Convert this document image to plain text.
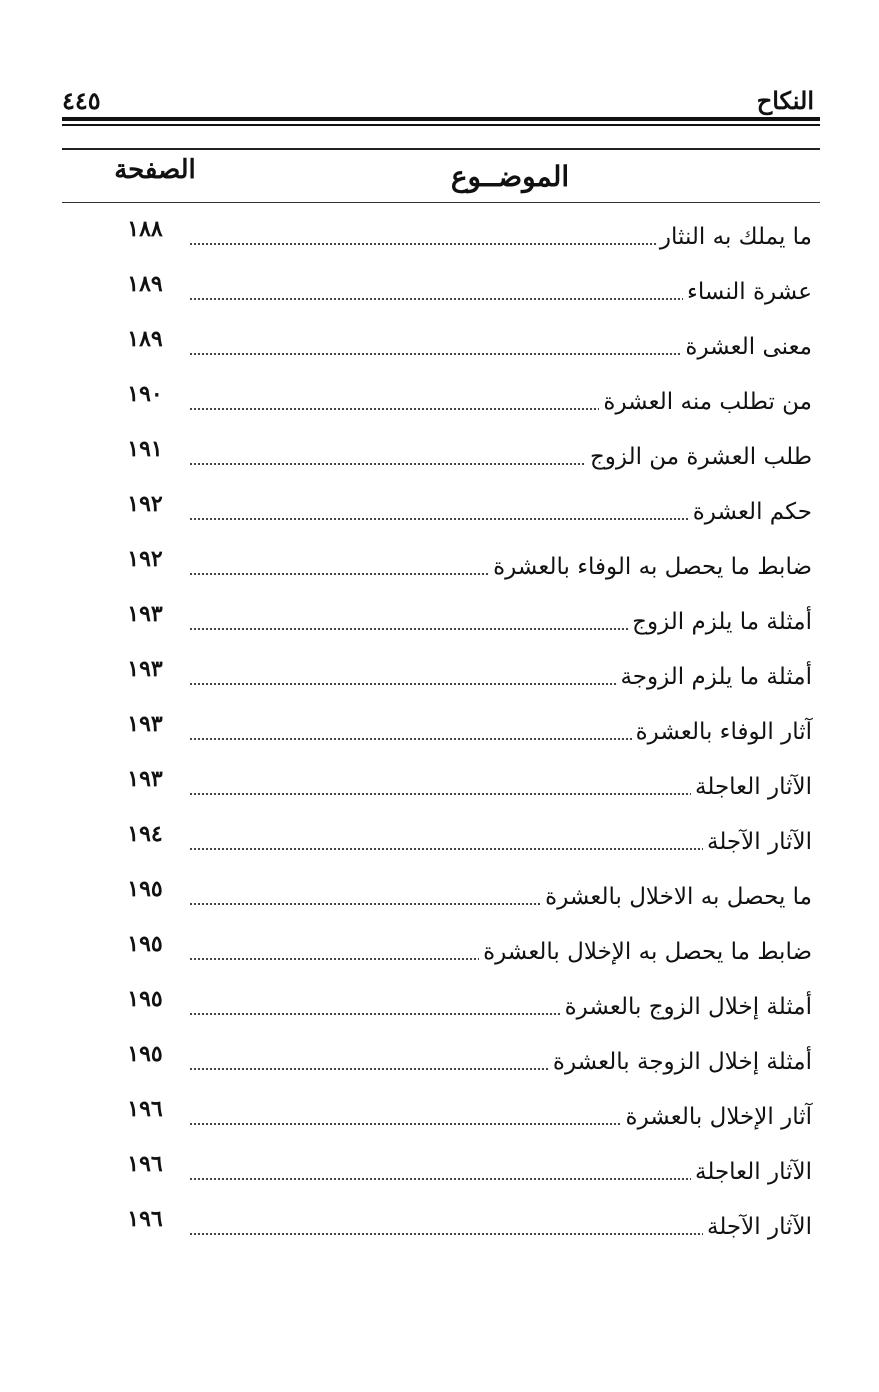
النكاح
٤٤٥
الموضــوع
الصفحة
ما يملك به النثار
١٨٨
عشرة النساء
١٨٩
معنى العشرة
١٨٩
من تطلب منه العشرة
١٩٠
طلب العشرة من الزوج
١٩١
حكم العشرة
١٩٢
ضابط ما يحصل به الوفاء بالعشرة
١٩٢
أمثلة ما يلزم الزوج
١٩٣
أمثلة ما يلزم الزوجة
١٩٣
آثار الوفاء بالعشرة
١٩٣
الآثار العاجلة
١٩٣
الآثار الآجلة
١٩٤
ما يحصل به الاخلال بالعشرة
١٩٥
ضابط ما يحصل به الإخلال بالعشرة
١٩٥
أمثلة إخلال الزوج بالعشرة
١٩٥
أمثلة إخلال الزوجة بالعشرة
١٩٥
آثار الإخلال بالعشرة
١٩٦
الآثار العاجلة
١٩٦
الآثار الآجلة
١٩٦
